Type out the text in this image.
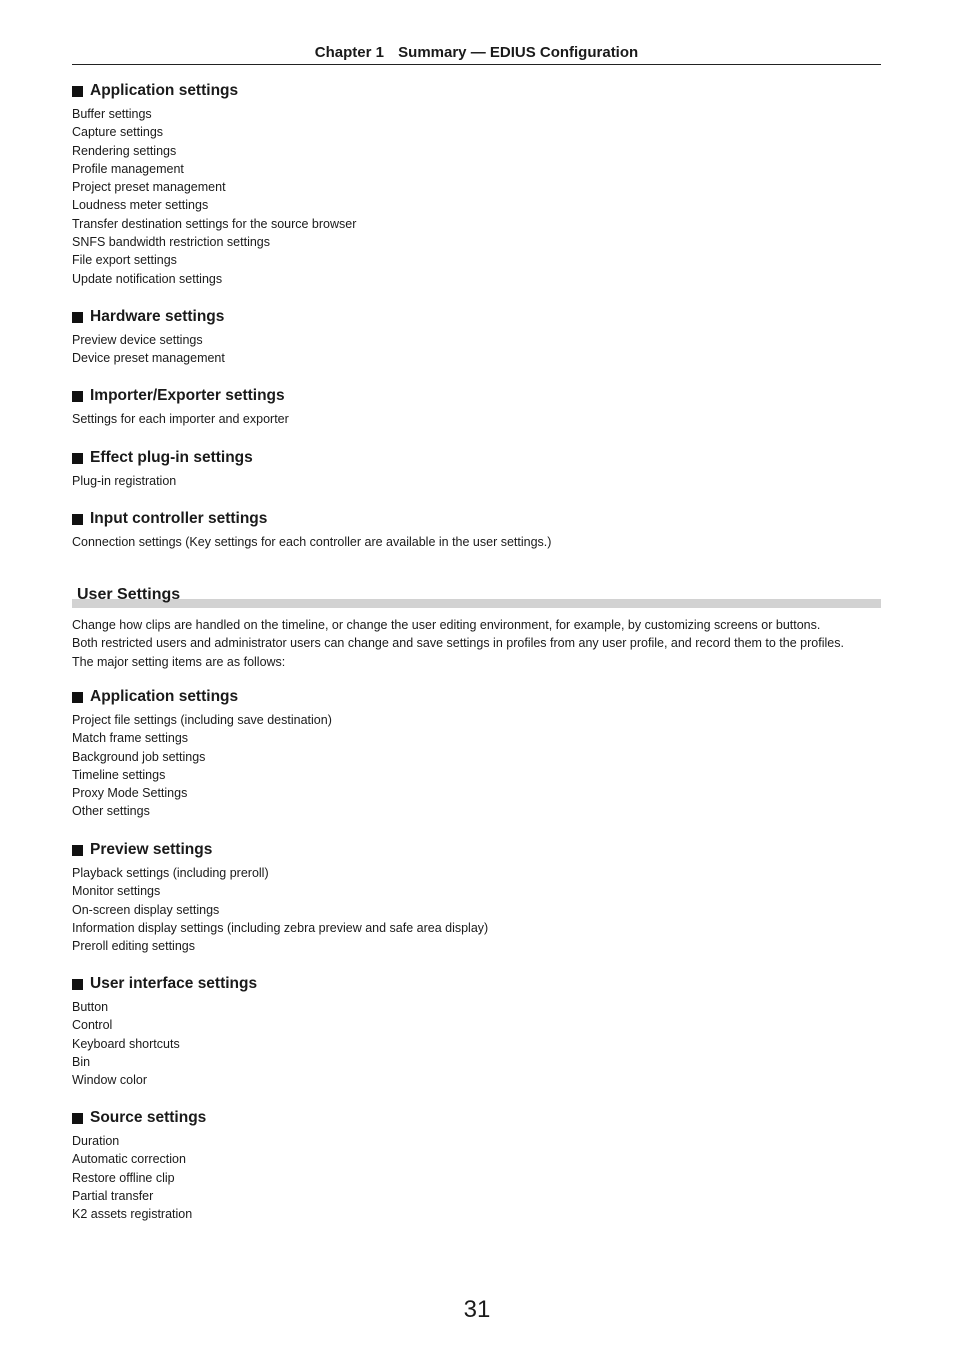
Chapter 1 Summary — EDIUS Configuration
Application settings
Buffer settings
Capture settings
Rendering settings
Profile management
Project preset management
Loudness meter settings
Transfer destination settings for the source browser
SNFS bandwidth restriction settings
File export settings
Update notification settings
Hardware settings
Preview device settings
Device preset management
Importer/Exporter settings
Settings for each importer and exporter
Effect plug-in settings
Plug-in registration
Input controller settings
Connection settings (Key settings for each controller are available in the user settings.)
User Settings
Change how clips are handled on the timeline, or change the user editing environment, for example, by customizing screens or buttons.
Both restricted users and administrator users can change and save settings in profiles from any user profile, and record them to the profiles.
The major setting items are as follows:
Application settings
Project file settings (including save destination)
Match frame settings
Background job settings
Timeline settings
Proxy Mode Settings
Other settings
Preview settings
Playback settings (including preroll)
Monitor settings
On-screen display settings
Information display settings (including zebra preview and safe area display)
Preroll editing settings
User interface settings
Button
Control
Keyboard shortcuts
Bin
Window color
Source settings
Duration
Automatic correction
Restore offline clip
Partial transfer
K2 assets registration
31
